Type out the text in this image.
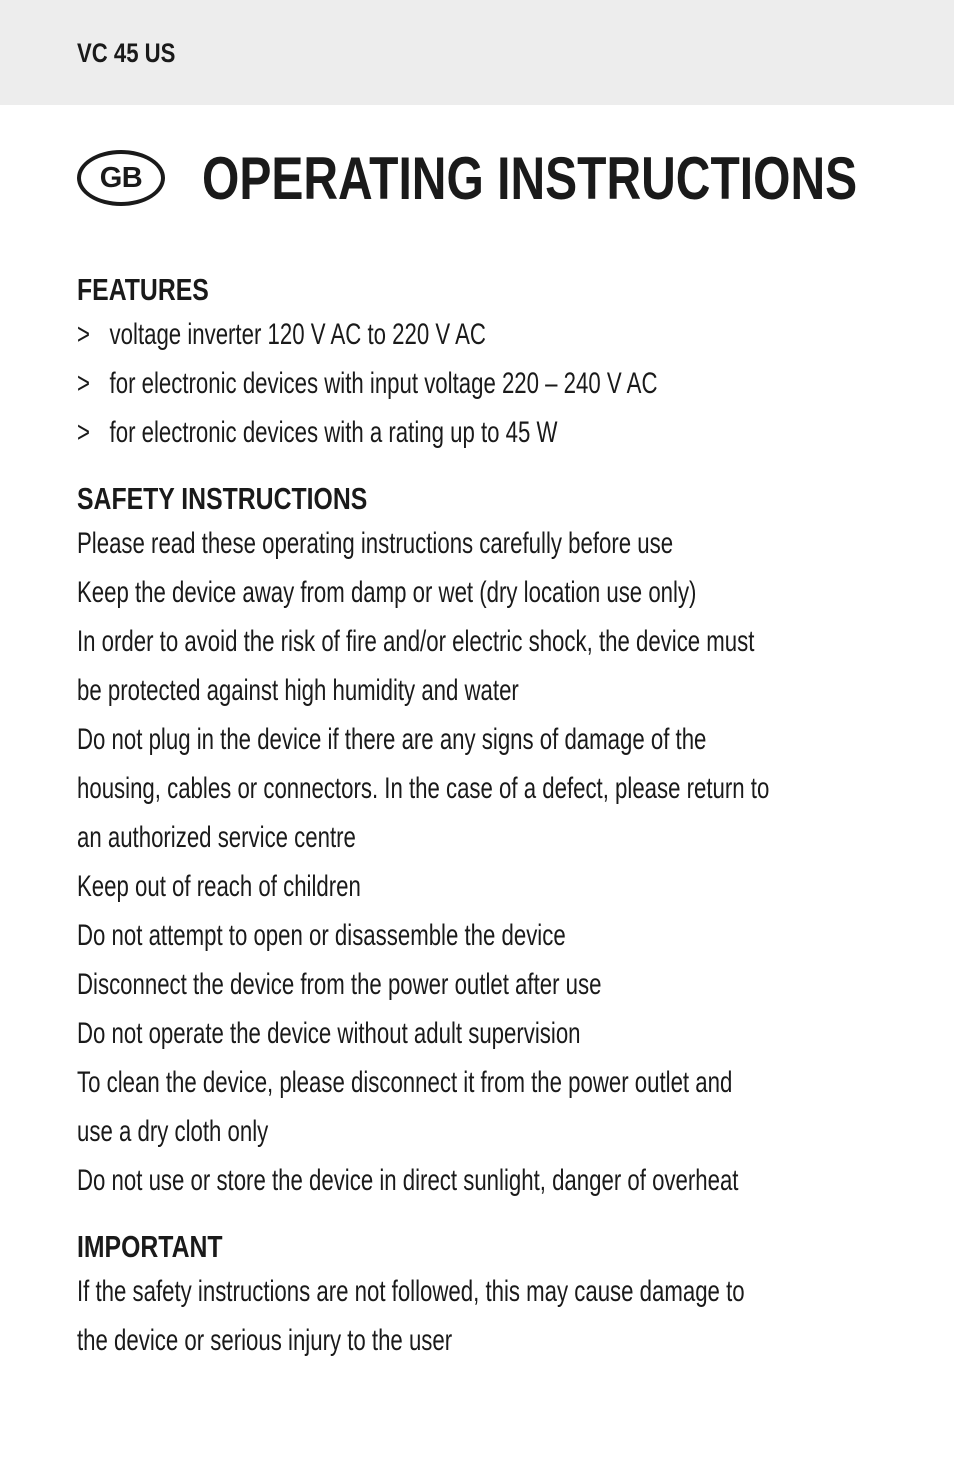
VC 45 US
GB OPERATING INSTRUCTIONS
FEATURES
> voltage inverter 120 V AC to 220 V AC
> for electronic devices with input voltage 220 – 240 V AC
> for electronic devices with a rating up to 45 W
SAFETY INSTRUCTIONS
Please read these operating instructions carefully before use
Keep the device away from damp or wet (dry location use only)
In order to avoid the risk of fire and/or electric shock, the device must
be protected against high humidity and water
Do not plug in the device if there are any signs of damage of the
housing, cables or connectors. In the case of a defect, please return to
an authorized service centre
Keep out of reach of children
Do not attempt to open or disassemble the device
Disconnect the device from the power outlet after use
Do not operate the device without adult supervision
To clean the device, please disconnect it from the power outlet and
use a dry cloth only
Do not use or store the device in direct sunlight, danger of overheat
IMPORTANT
If the safety instructions are not followed, this may cause damage to
the device or serious injury to the user
